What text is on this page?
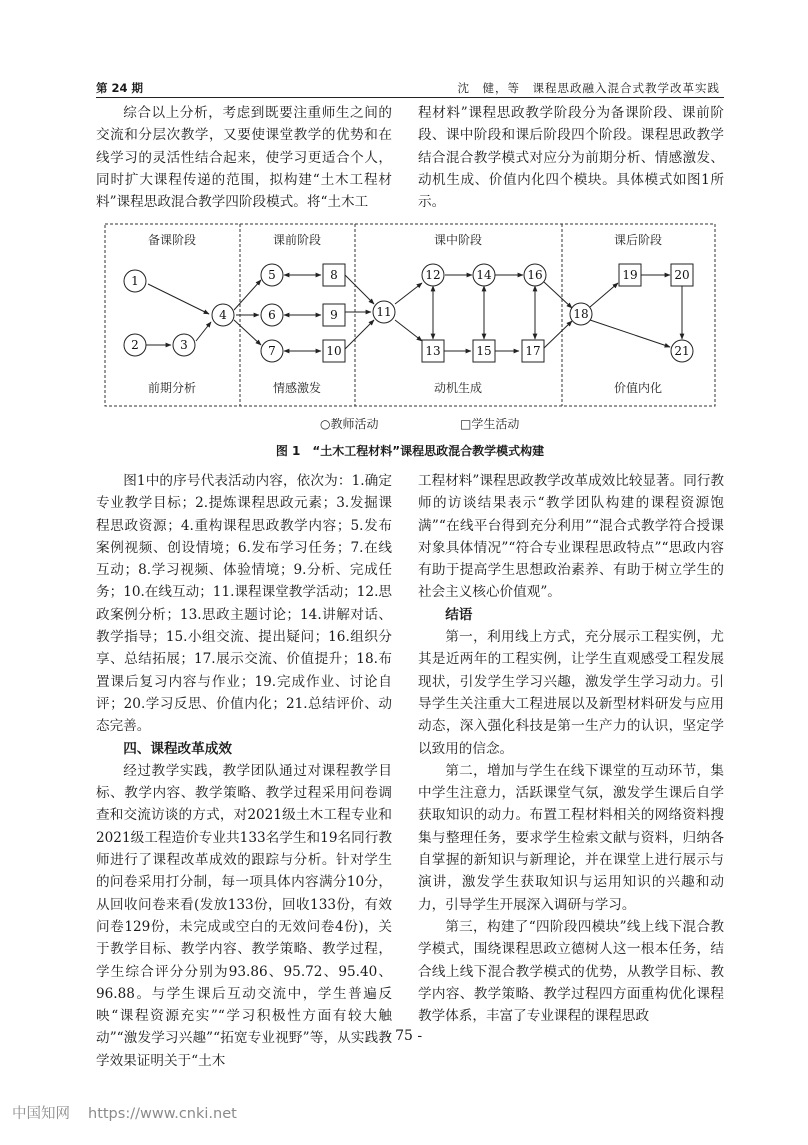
第 24 期	沈　健，等　课程思政融入混合式教学改革实践

综合以上分析，考虑到既要注重师生之间的交流和分层次教学，又要使课堂教学的优势和在线学习的灵活性结合起来，使学习更适合个人，同时扩大课程传递的范围，拟构建“土木工程材料”课程思政混合教学四阶段模式。将“土木工

程材料”课程思政教学阶段分为备课阶段、课前阶段、课中阶段和课后阶段四个阶段。课程思政教学结合混合教学模式对应分为前期分析、情感激发、动机生成、价值内化四个模块。具体模式如图1所示。

备课阶段	课前阶段	课中阶段	课后阶段
前期分析	情感激发	动机生成	价值内化
1
2	3
4
5
6
7
8
9
10
11
12
13
14
15
16
17
18
19	20
21
○教师活动	□学生活动
图 1　“土木工程材料”课程思政混合教学模式构建

图1中的序号代表活动内容，依次为：1.确定专业教学目标；2.提炼课程思政元素；3.发掘课程思政资源；4.重构课程思政教学内容；5.发布案例视频、创设情境；6.发布学习任务；7.在线互动；8.学习视频、体验情境；9.分析、完成任务；10.在线互动；11.课程课堂教学活动；12.思政案例分析；13.思政主题讨论；14.讲解对话、教学指导；15.小组交流、提出疑问；16.组织分享、总结拓展；17.展示交流、价值提升；18.布置课后复习内容与作业；19.完成作业、讨论自评；20.学习反思、价值内化；21.总结评价、动态完善。

四、课程改革成效

经过教学实践，教学团队通过对课程教学目标、教学内容、教学策略、教学过程采用问卷调查和交流访谈的方式，对2021级土木工程专业和2021级工程造价专业共133名学生和19名同行教师进行了课程改革成效的跟踪与分析。针对学生的问卷采用打分制，每一项具体内容满分10分，从回收问卷来看(发放133份，回收133份，有效问卷129份，未完成或空白的无效问卷4份)，关于教学目标、教学内容、教学策略、教学过程，学生综合评分分别为93.86、95.72、95.40、96.88。与学生课后互动交流中，学生普遍反映“课程资源充实”“学习积极性方面有较大触动”“激发学习兴趣”“拓宽专业视野”等，从实践教学效果证明关于“土木

工程材料”课程思政教学改革成效比较显著。同行教师的访谈结果表示“教学团队构建的课程资源饱满”“在线平台得到充分利用”“混合式教学符合授课对象具体情况”“符合专业课程思政特点”“思政内容有助于提高学生思想政治素养、有助于树立学生的社会主义核心价值观”。

结语

第一，利用线上方式，充分展示工程实例，尤其是近两年的工程实例，让学生直观感受工程发展现状，引发学生学习兴趣，激发学生学习动力。引导学生关注重大工程进展以及新型材料研发与应用动态，深入强化科技是第一生产力的认识，坚定学以致用的信念。

第二，增加与学生在线下课堂的互动环节，集中学生注意力，活跃课堂气氛，激发学生课后自学获取知识的动力。布置工程材料相关的网络资料搜集与整理任务，要求学生检索文献与资料，归纳各自掌握的新知识与新理论，并在课堂上进行展示与演讲，激发学生获取知识与运用知识的兴趣和动力，引导学生开展深入调研与学习。

第三，构建了“四阶段四模块”线上线下混合教学模式，围绕课程思政立德树人这一根本任务，结合线上线下混合教学模式的优势，从教学目标、教学内容、教学策略、教学过程四方面重构优化课程教学体系，丰富了专业课程的课程思政

- 75 -
中国知网 https://www.cnki.net
